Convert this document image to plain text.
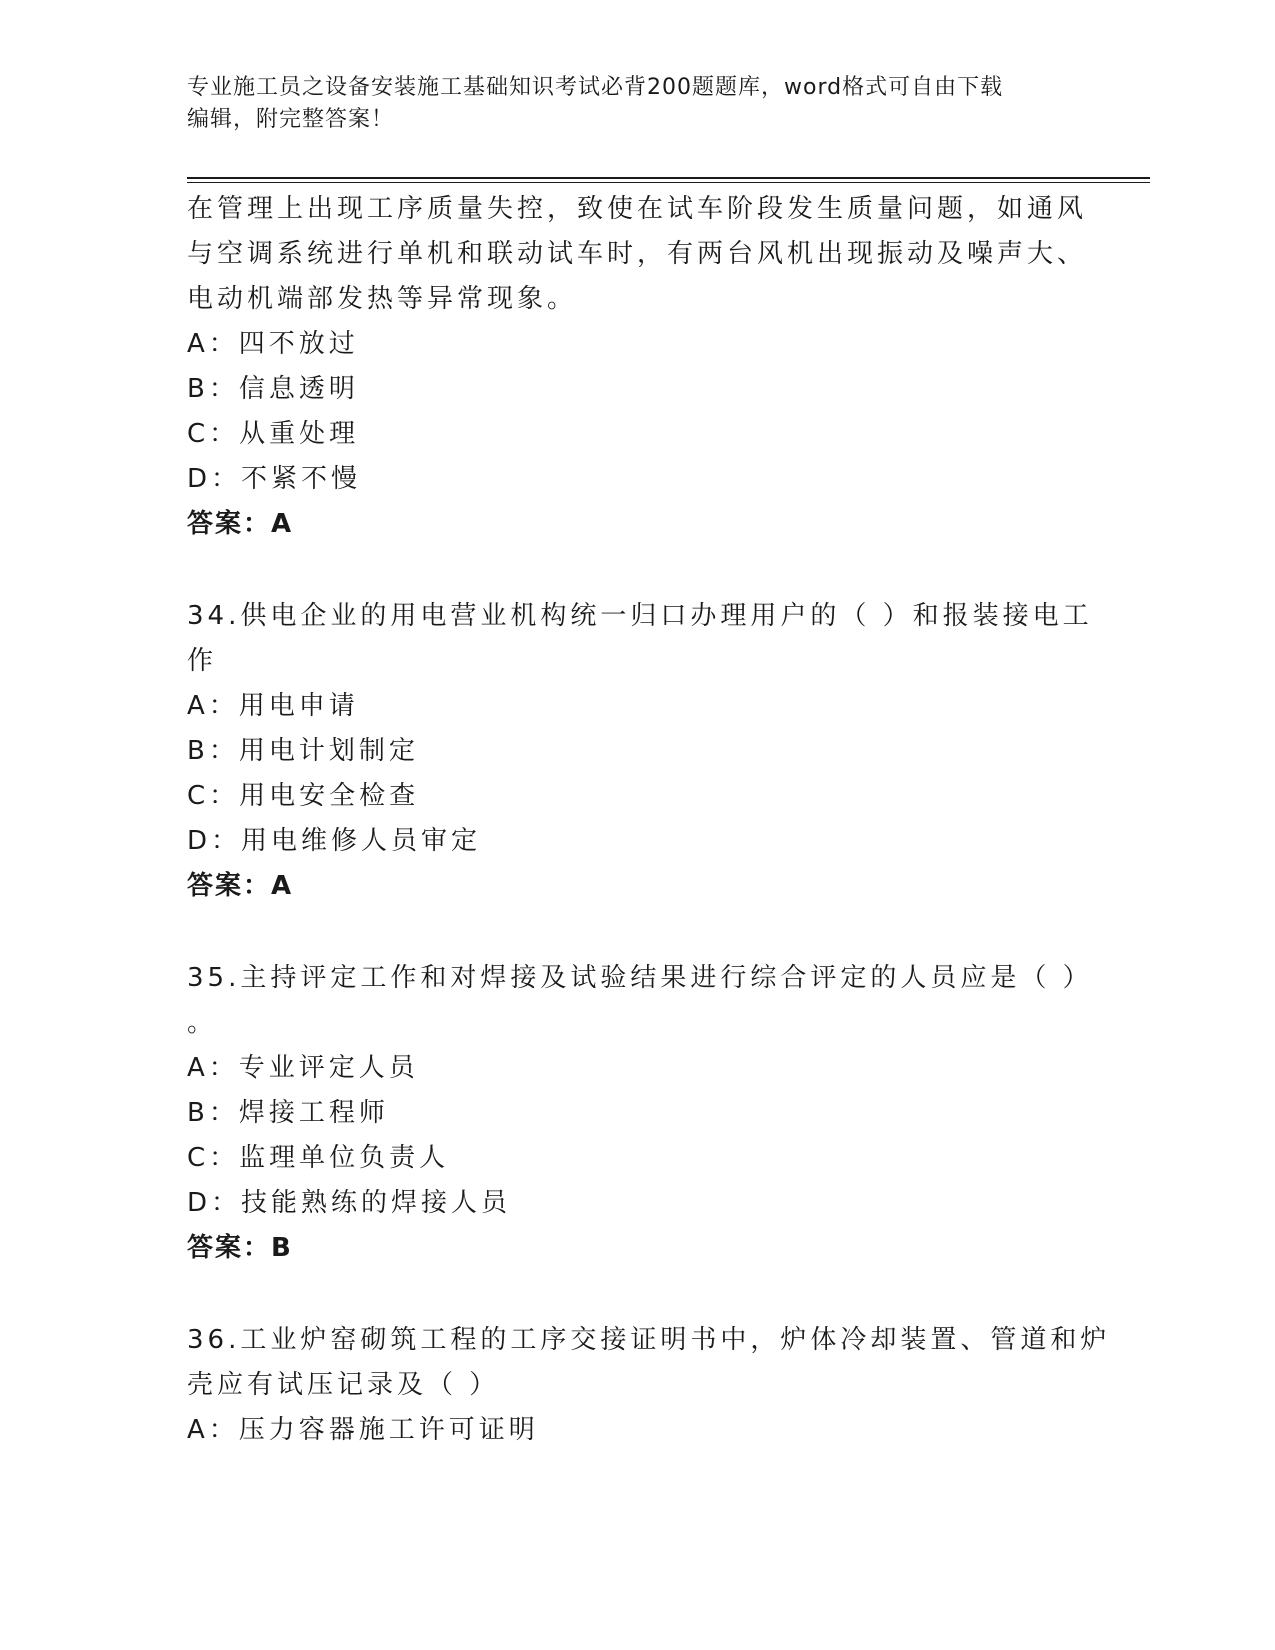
专业施工员之设备安装施工基础知识考试必背200题题库，word格式可自由下载
编辑，附完整答案！
在管理上出现工序质量失控，致使在试车阶段发生质量问题，如通风
与空调系统进行单机和联动试车时，有两台风机出现振动及噪声大、
电动机端部发热等异常现象。
A：四不放过
B：信息透明
C：从重处理
D：不紧不慢
答案：A
34.供电企业的用电营业机构统一归口办理用户的（ ）和报装接电工
作
A：用电申请
B：用电计划制定
C：用电安全检查
D：用电维修人员审定
答案：A
35.主持评定工作和对焊接及试验结果进行综合评定的人员应是（ ）
。
A：专业评定人员
B：焊接工程师
C：监理单位负责人
D：技能熟练的焊接人员
答案：B
36.工业炉窑砌筑工程的工序交接证明书中，炉体冷却装置、管道和炉
壳应有试压记录及（ ）
A：压力容器施工许可证明
